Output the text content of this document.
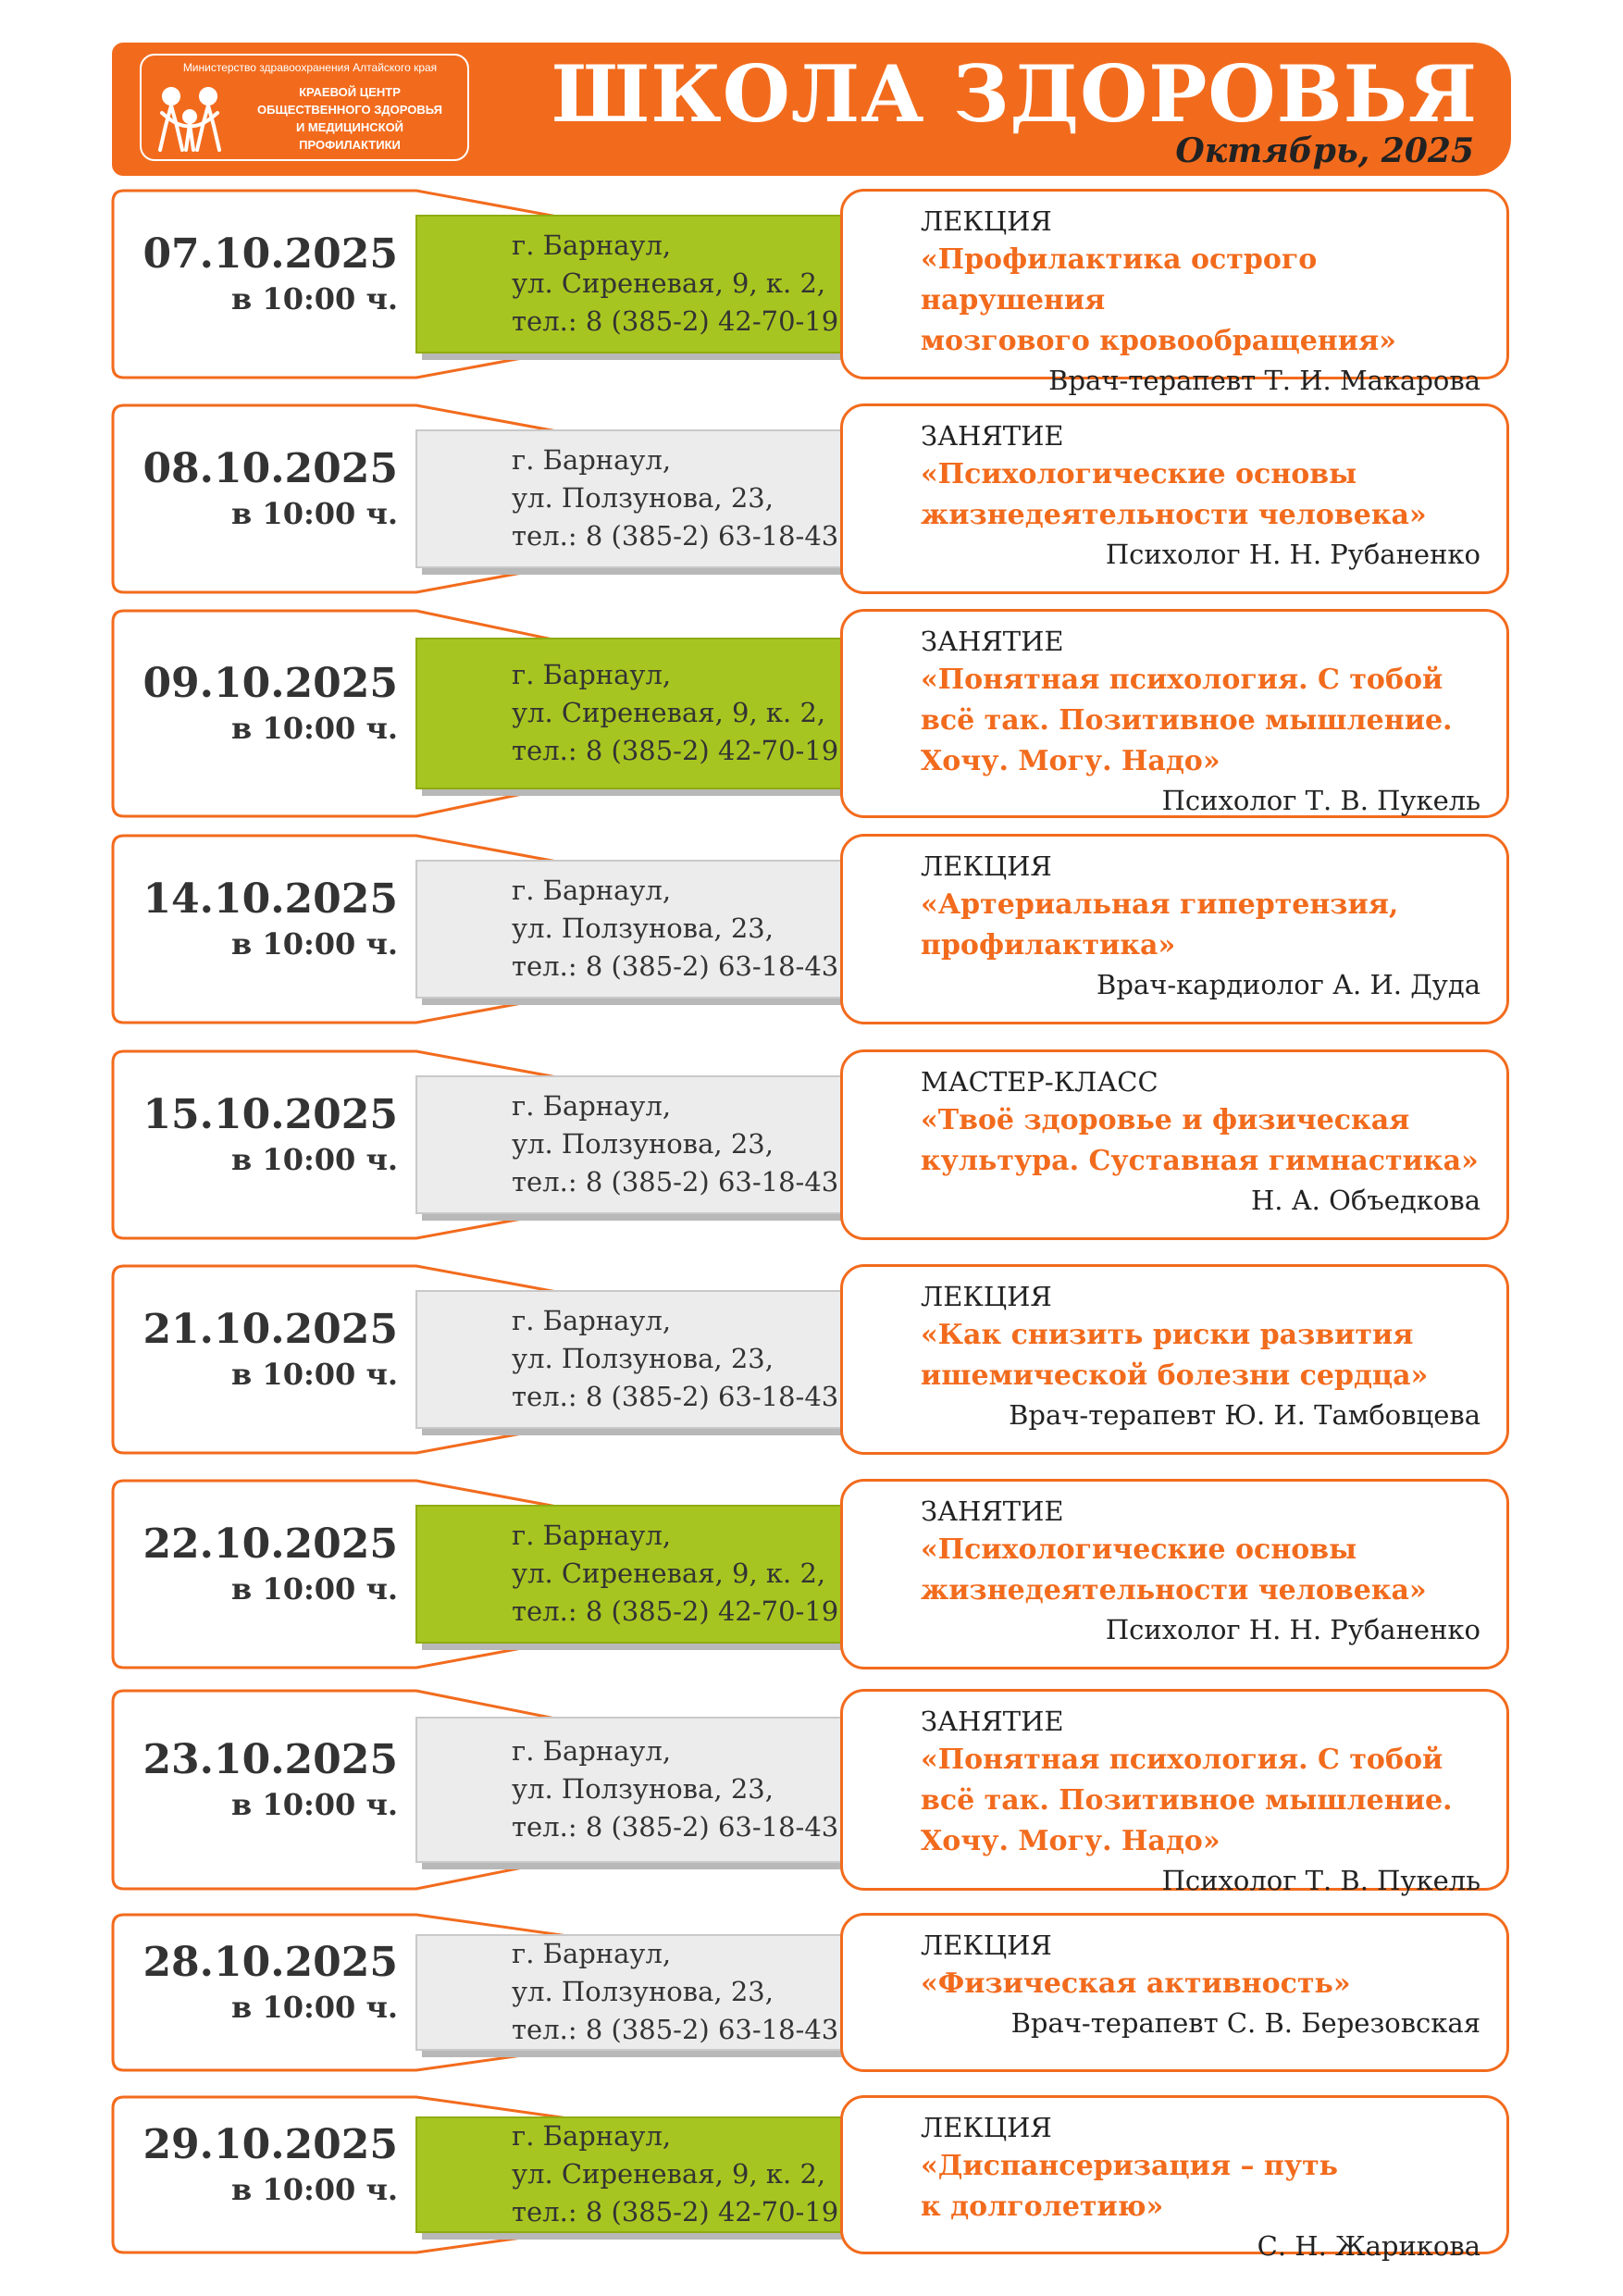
Министерство здравоохранения Алтайского края
КРАЕВОЙ ЦЕНТР
ОБЩЕСТВЕННОГО ЗДОРОВЬЯ
И МЕДИЦИНСКОЙ
ПРОФИЛАКТИКИ
ШКОЛА ЗДОРОВЬЯ
Октябрь, 2025
07.10.2025
в 10:00 ч.
г. Барнаул,
ул. Сиреневая, 9, к. 2,
тел.: 8 (385-2) 42-70-19
ЛЕКЦИЯ
«Профилактика острого нарушения
мозгового кровообращения»
Врач-терапевт Т. И. Макарова
08.10.2025
в 10:00 ч.
г. Барнаул,
ул. Ползунова, 23,
тел.: 8 (385-2) 63-18-43
ЗАНЯТИЕ
«Психологические основы
жизнедеятельности человека»
Психолог Н. Н. Рубаненко
09.10.2025
в 10:00 ч.
г. Барнаул,
ул. Сиреневая, 9, к. 2,
тел.: 8 (385-2) 42-70-19
ЗАНЯТИЕ
«Понятная психология. С тобой
всё так. Позитивное мышление.
Хочу. Могу. Надо»
Психолог Т. В. Пукель
14.10.2025
в 10:00 ч.
г. Барнаул,
ул. Ползунова, 23,
тел.: 8 (385-2) 63-18-43
ЛЕКЦИЯ
«Артериальная гипертензия,
профилактика»
Врач-кардиолог А. И. Дуда
15.10.2025
в 10:00 ч.
г. Барнаул,
ул. Ползунова, 23,
тел.: 8 (385-2) 63-18-43
МАСТЕР-КЛАСС
«Твоё здоровье и физическая
культура. Суставная гимнастика»
Н. А. Объедкова
21.10.2025
в 10:00 ч.
г. Барнаул,
ул. Ползунова, 23,
тел.: 8 (385-2) 63-18-43
ЛЕКЦИЯ
«Как снизить риски развития
ишемической болезни сердца»
Врач-терапевт Ю. И. Тамбовцева
22.10.2025
в 10:00 ч.
г. Барнаул,
ул. Сиреневая, 9, к. 2,
тел.: 8 (385-2) 42-70-19
ЗАНЯТИЕ
«Психологические основы
жизнедеятельности человека»
Психолог Н. Н. Рубаненко
23.10.2025
в 10:00 ч.
г. Барнаул,
ул. Ползунова, 23,
тел.: 8 (385-2) 63-18-43
ЗАНЯТИЕ
«Понятная психология. С тобой
всё так. Позитивное мышление.
Хочу. Могу. Надо»
Психолог Т. В. Пукель
28.10.2025
в 10:00 ч.
г. Барнаул,
ул. Ползунова, 23,
тел.: 8 (385-2) 63-18-43
ЛЕКЦИЯ
«Физическая активность»
Врач-терапевт С. В. Березовская
29.10.2025
в 10:00 ч.
г. Барнаул,
ул. Сиреневая, 9, к. 2,
тел.: 8 (385-2) 42-70-19
ЛЕКЦИЯ
«Диспансеризация – путь
к долголетию»
С. Н. Жарикова
